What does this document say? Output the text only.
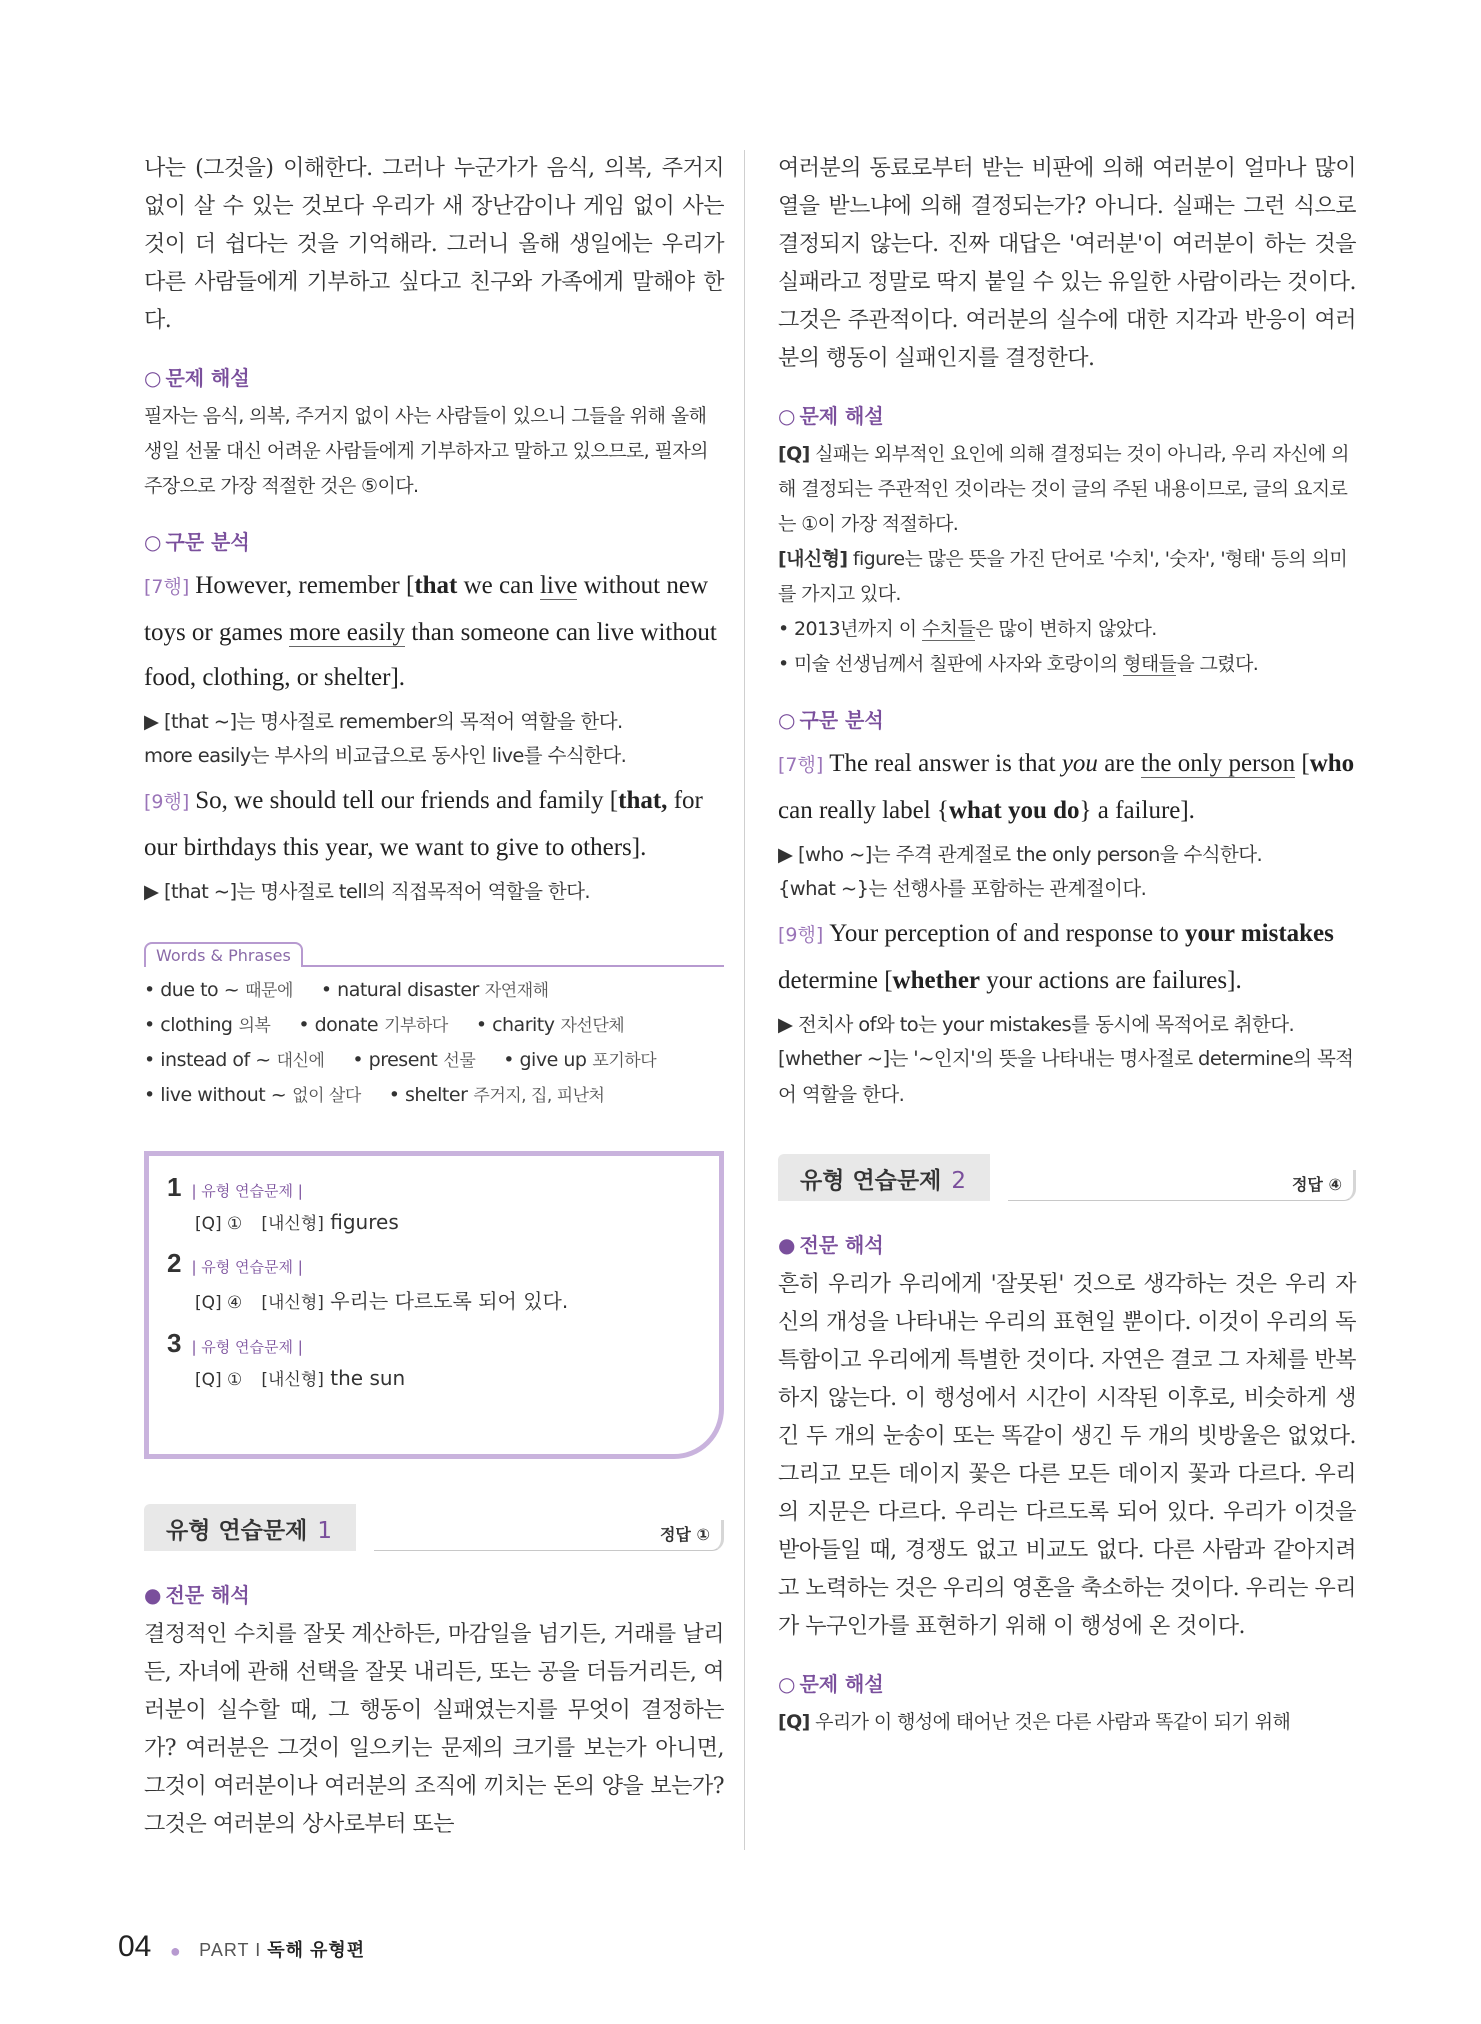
나는 (그것을) 이해한다. 그러나 누군가가 음식, 의복, 주거지 없이 살 수 있는 것보다 우리가 새 장난감이나 게임 없이 사는 것이 더 쉽다는 것을 기억해라. 그러니 올해 생일에는 우리가 다른 사람들에게 기부하고 싶다고 친구와 가족에게 말해야 한다.

○ 문제 해설

필자는 음식, 의복, 주거지 없이 사는 사람들이 있으니 그들을 위해 올해 생일 선물 대신 어려운 사람들에게 기부하자고 말하고 있으므로, 필자의 주장으로 가장 적절한 것은 ⑤이다.

○ 구문 분석

[7행] However, remember [that we can live without new toys or games more easily than someone can live without food, clothing, or shelter].

▶ [that ~]는 명사절로 remember의 목적어 역할을 한다.

more easily는 부사의 비교급으로 동사인 live를 수식한다.

[9행] So, we should tell our friends and family [that, for our birthdays this year, we want to give to others].

▶ [that ~]는 명사절로 tell의 직접목적어 역할을 한다.

Words & Phrases
• due to ~ 때문에 • natural disaster 자연재해
• clothing 의복 • donate 기부하다 • charity 자선단체
• instead of ~ 대신에 • present 선물 • give up 포기하다
• live without ~ 없이 살다 • shelter 주거지, 집, 피난처
1 | 유형 연습문제 |
[Q] ① [내신형] figures
2 | 유형 연습문제 |
[Q] ④ [내신형] 우리는 다르도록 되어 있다.
3 | 유형 연습문제 |
[Q] ① [내신형] the sun
유형 연습문제 1	정답 ①
● 전문 해석

결정적인 수치를 잘못 계산하든, 마감일을 넘기든, 거래를 날리든, 자녀에 관해 선택을 잘못 내리든, 또는 공을 더듬거리든, 여러분이 실수할 때, 그 행동이 실패였는지를 무엇이 결정하는가? 여러분은 그것이 일으키는 문제의 크기를 보는가 아니면, 그것이 여러분이나 여러분의 조직에 끼치는 돈의 양을 보는가? 그것은 여러분의 상사로부터 또는

여러분의 동료로부터 받는 비판에 의해 여러분이 얼마나 많이 열을 받느냐에 의해 결정되는가? 아니다. 실패는 그런 식으로 결정되지 않는다. 진짜 대답은 '여러분'이 여러분이 하는 것을 실패라고 정말로 딱지 붙일 수 있는 유일한 사람이라는 것이다. 그것은 주관적이다. 여러분의 실수에 대한 지각과 반응이 여러분의 행동이 실패인지를 결정한다.

○ 문제 해설

[Q] 실패는 외부적인 요인에 의해 결정되는 것이 아니라, 우리 자신에 의해 결정되는 주관적인 것이라는 것이 글의 주된 내용이므로, 글의 요지로는 ①이 가장 적절하다.

[내신형] figure는 많은 뜻을 가진 단어로 '수치', '숫자', '형태' 등의 의미를 가지고 있다.

• 2013년까지 이 수치들은 많이 변하지 않았다.

• 미술 선생님께서 칠판에 사자와 호랑이의 형태들을 그렸다.

○ 구문 분석

[7행] The real answer is that you are the only person [who can really label {what you do} a failure].

▶ [who ~]는 주격 관계절로 the only person을 수식한다.

{what ~}는 선행사를 포함하는 관계절이다.

[9행] Your perception of and response to your mistakes determine [whether your actions are failures].

▶ 전치사 of와 to는 your mistakes를 동시에 목적어로 취한다.

[whether ~]는 '~인지'의 뜻을 나타내는 명사절로 determine의 목적어 역할을 한다.

유형 연습문제 2	정답 ④
● 전문 해석

흔히 우리가 우리에게 '잘못된' 것으로 생각하는 것은 우리 자신의 개성을 나타내는 우리의 표현일 뿐이다. 이것이 우리의 독특함이고 우리에게 특별한 것이다. 자연은 결코 그 자체를 반복하지 않는다. 이 행성에서 시간이 시작된 이후로, 비슷하게 생긴 두 개의 눈송이 또는 똑같이 생긴 두 개의 빗방울은 없었다. 그리고 모든 데이지 꽃은 다른 모든 데이지 꽃과 다르다. 우리의 지문은 다르다. 우리는 다르도록 되어 있다. 우리가 이것을 받아들일 때, 경쟁도 없고 비교도 없다. 다른 사람과 같아지려고 노력하는 것은 우리의 영혼을 축소하는 것이다. 우리는 우리가 누구인가를 표현하기 위해 이 행성에 온 것이다.

○ 문제 해설

[Q] 우리가 이 행성에 태어난 것은 다른 사람과 똑같이 되기 위해

04 ● PART I 독해 유형편
